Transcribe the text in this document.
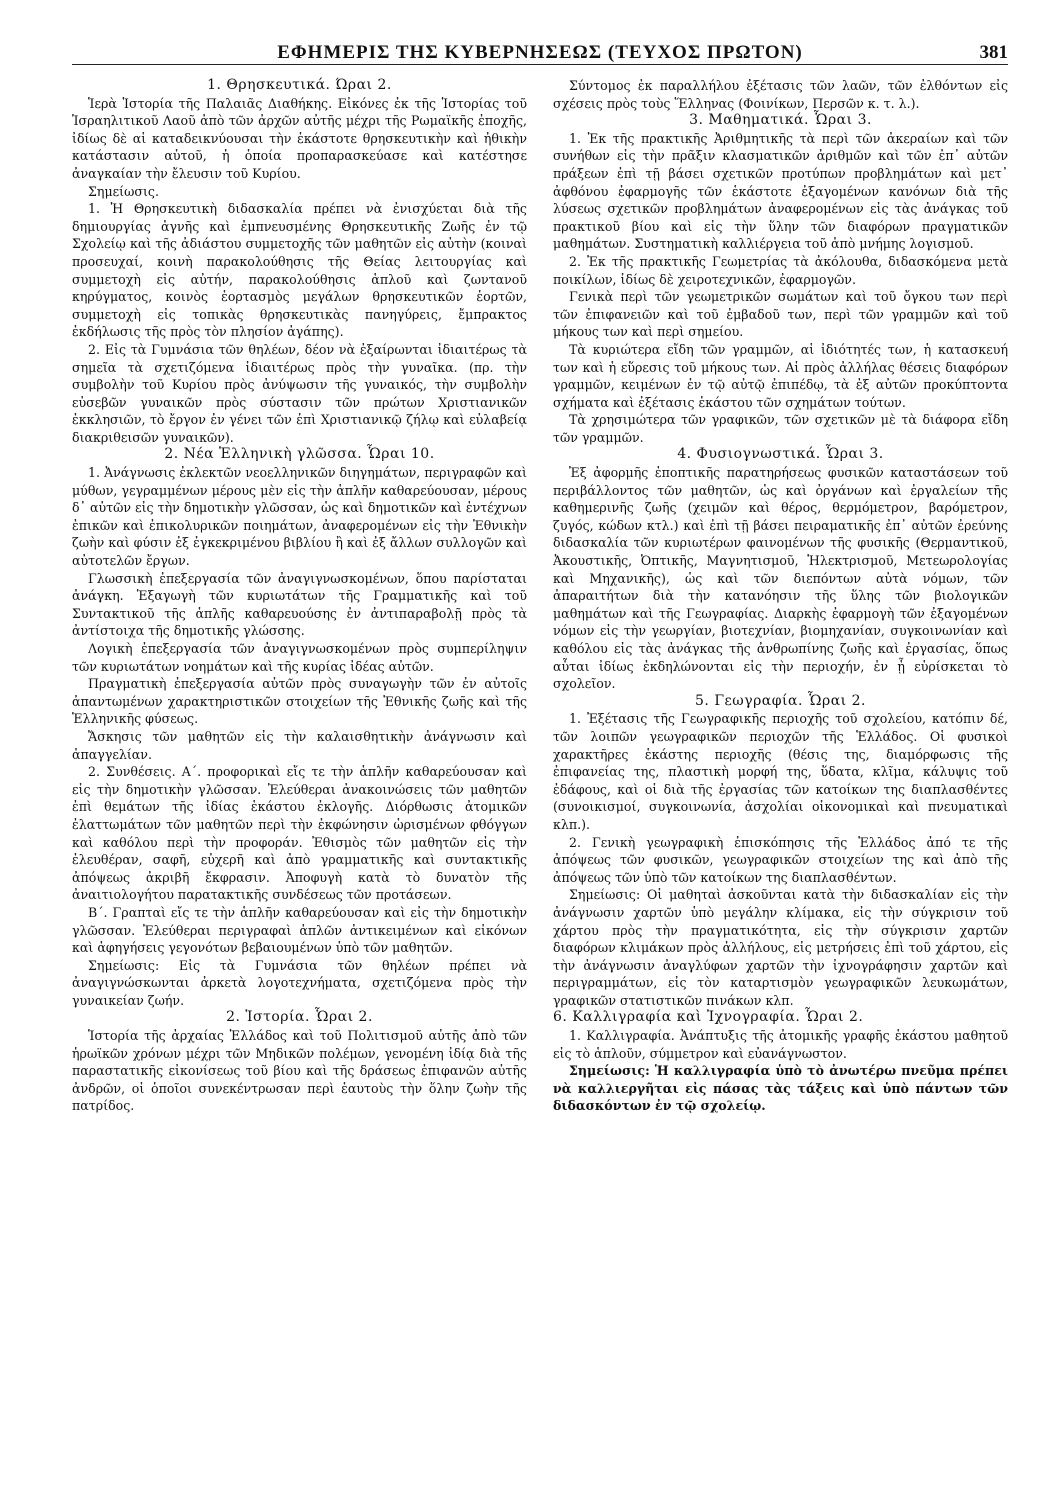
ΕΦΗΜΕΡΙΣ ΤΗΣ ΚΥΒΕΡΝΗΣΕΩΣ (ΤΕΥΧΟΣ ΠΡΩΤΟΝ)	381

1. Θρησκευτικά. Ώραι 2.

Ἱερὰ Ἱστορία τῆς Παλαιᾶς Διαθήκης. Εἰκόνες ἐκ τῆς Ἱστορίας τοῦ Ἰσραηλιτικοῦ Λαοῦ ἀπὸ τῶν ἀρχῶν αὐτῆς μέχρι τῆς Ρωμαϊκῆς ἐποχῆς, ἰδίως δὲ αἱ καταδεικνύουσαι τὴν ἑκάστοτε θρησκευτικὴν καὶ ἠθικὴν κατάστασιν αὐτοῦ, ἡ ὁποία προπαρασκεύασε καὶ κατέστησε ἀναγκαίαν τὴν ἔλευσιν τοῦ Κυρίου.

Σημείωσις.

1. Ἡ Θρησκευτικὴ διδασκαλία πρέπει νὰ ἐνισχύεται διὰ τῆς δημιουργίας ἁγνῆς καὶ ἐμπνευσμένης Θρησκευτικῆς Ζωῆς ἐν τῷ Σχολείῳ καὶ τῆς ἀδιάστου συμμετοχῆς τῶν μαθητῶν εἰς αὐτὴν (κοιναὶ προσευχαί, κοινὴ παρακολούθησις τῆς Θείας λειτουργίας καὶ συμμετοχὴ εἰς αὐτήν, παρακολούθησις ἁπλοῦ καὶ ζωντανοῦ κηρύγματος, κοινὸς ἑορτασμὸς μεγάλων θρησκευτικῶν ἑορτῶν, συμμετοχὴ εἰς τοπικὰς θρησκευτικὰς πανηγύρεις, ἔμπρακτος ἐκδήλωσις τῆς πρὸς τὸν πλησίον ἀγάπης).

2. Εἰς τὰ Γυμνάσια τῶν θηλέων, δέον νὰ ἐξαίρωνται ἰδιαιτέρως τὰ σημεῖα τὰ σχετιζόμενα ἰδιαιτέρως πρὸς τὴν γυναῖκα. (πρ. τὴν συμβολὴν τοῦ Κυρίου πρὸς ἀνύψωσιν τῆς γυναικός, τὴν συμβολὴν εὐσεβῶν γυναικῶν πρὸς σύστασιν τῶν πρώτων Χριστιανικῶν ἐκκλησιῶν, τὸ ἔργον ἐν γένει τῶν ἐπὶ Χριστιανικῷ ζήλῳ καὶ εὐλαβείᾳ διακριθεισῶν γυναικῶν).

2. Νέα Ἑλληνικὴ γλῶσσα. Ὧραι 10.

1. Ἀνάγνωσις ἐκλεκτῶν νεοελληνικῶν διηγημάτων, περιγραφῶν καὶ μύθων, γεγραμμένων μέρους μὲν εἰς τὴν ἁπλῆν καθαρεύουσαν, μέρους δ᾿ αὐτῶν εἰς τὴν δημοτικὴν γλῶσσαν, ὡς καὶ δημοτικῶν καὶ ἐντέχνων ἐπικῶν καὶ ἐπικολυρικῶν ποιημάτων, ἀναφερομένων εἰς τὴν Ἐθνικὴν ζωὴν καὶ φύσιν ἐξ ἐγκεκριμένου βιβλίου ἢ καὶ ἐξ ἄλλων συλλογῶν καὶ αὐτοτελῶν ἔργων.

Γλωσσικὴ ἐπεξεργασία τῶν ἀναγιγνωσκομένων, ὅπου παρίσταται ἀνάγκη. Ἐξαγωγὴ τῶν κυριωτάτων τῆς Γραμματικῆς καὶ τοῦ Συντακτικοῦ τῆς ἁπλῆς καθαρευούσης ἐν ἀντιπαραβολῇ πρὸς τὰ ἀντίστοιχα τῆς δημοτικῆς γλώσσης.

Λογικὴ ἐπεξεργασία τῶν ἀναγιγνωσκομένων πρὸς συμπερίληψιν τῶν κυριωτάτων νοημάτων καὶ τῆς κυρίας ἰδέας αὐτῶν.

Πραγματικὴ ἐπεξεργασία αὐτῶν πρὸς συναγωγὴν τῶν ἐν αὐτοῖς ἀπαντωμένων χαρακτηριστικῶν στοιχείων τῆς Ἐθνικῆς ζωῆς καὶ τῆς Ἑλληνικῆς φύσεως.

Ἄσκησις τῶν μαθητῶν εἰς τὴν καλαισθητικὴν ἀνάγνωσιν καὶ ἀπαγγελίαν.

2. Συνθέσεις. Α΄. προφορικαὶ εἴς τε τὴν ἁπλῆν καθαρεύουσαν καὶ εἰς τὴν δημοτικὴν γλῶσσαν. Ἐλεύθεραι ἀνακοινώσεις τῶν μαθητῶν ἐπὶ θεμάτων τῆς ἰδίας ἑκάστου ἐκλογῆς. Διόρθωσις ἀτομικῶν ἐλαττωμάτων τῶν μαθητῶν περὶ τὴν ἐκφώνησιν ὡρισμένων φθόγγων καὶ καθόλου περὶ τὴν προφοράν. Ἐθισμὸς τῶν μαθητῶν εἰς τὴν ἐλευθέραν, σαφῆ, εὐχερῆ καὶ ἀπὸ γραμματικῆς καὶ συντακτικῆς ἀπόψεως ἀκριβῆ ἔκφρασιν. Ἀποφυγὴ κατὰ τὸ δυνατὸν τῆς ἀναιτιολογήτου παρατακτικῆς συνδέσεως τῶν προτάσεων.

Β΄. Γραπταὶ εἴς τε τὴν ἁπλῆν καθαρεύουσαν καὶ εἰς τὴν δημοτικὴν γλῶσσαν. Ἐλεύθεραι περιγραφαὶ ἁπλῶν ἀντικειμένων καὶ εἰκόνων καὶ ἀφηγήσεις γεγονότων βεβαιουμένων ὑπὸ τῶν μαθητῶν.

Σημείωσις: Εἰς τὰ Γυμνάσια τῶν θηλέων πρέπει νὰ ἀναγιγνώσκωνται ἀρκετὰ λογοτεχνήματα, σχετιζόμενα πρὸς τὴν γυναικείαν ζωήν.

2. Ἱστορία. Ὧραι 2.

Ἱστορία τῆς ἀρχαίας Ἑλλάδος καὶ τοῦ Πολιτισμοῦ αὐτῆς ἀπὸ τῶν ἡρωϊκῶν χρόνων μέχρι τῶν Μηδικῶν πολέμων, γενομένη ἰδίᾳ διὰ τῆς παραστατικῆς εἰκονίσεως τοῦ βίου καὶ τῆς δράσεως ἐπιφανῶν αὐτῆς ἀνδρῶν, οἱ ὁποῖοι συνεκέντρωσαν περὶ ἑαυτοὺς τὴν ὅλην ζωὴν τῆς πατρίδος.

Σύντομος ἐκ παραλλήλου ἐξέτασις τῶν λαῶν, τῶν ἐλθόντων εἰς σχέσεις πρὸς τοὺς Ἕλληνας (Φοινίκων, Περσῶν κ. τ. λ.).

3. Μαθηματικά. Ὧραι 3.

1. Ἐκ τῆς πρακτικῆς Ἀριθμητικῆς τὰ περὶ τῶν ἀκεραίων καὶ τῶν συνήθων εἰς τὴν πρᾶξιν κλασματικῶν ἀριθμῶν καὶ τῶν ἐπ᾿ αὐτῶν πράξεων ἐπὶ τῇ βάσει σχετικῶν προτύπων προβλημάτων καὶ μετ᾿ ἀφθόνου ἐφαρμογῆς τῶν ἑκάστοτε ἐξαγομένων κανόνων διὰ τῆς λύσεως σχετικῶν προβλημάτων ἀναφερομένων εἰς τὰς ἀνάγκας τοῦ πρακτικοῦ βίου καὶ εἰς τὴν ὕλην τῶν διαφόρων πραγματικῶν μαθημάτων. Συστηματικὴ καλλιέργεια τοῦ ἀπὸ μνήμης λογισμοῦ.

2. Ἐκ τῆς πρακτικῆς Γεωμετρίας τὰ ἀκόλουθα, διδασκόμενα μετὰ ποικίλων, ἰδίως δὲ χειροτεχνικῶν, ἐφαρμογῶν.

Γενικὰ περὶ τῶν γεωμετρικῶν σωμάτων καὶ τοῦ ὄγκου των περὶ τῶν ἐπιφανειῶν καὶ τοῦ ἐμβαδοῦ των, περὶ τῶν γραμμῶν καὶ τοῦ μήκους των καὶ περὶ σημείου.

Τὰ κυριώτερα εἴδη τῶν γραμμῶν, αἱ ἰδιότητές των, ἡ κατασκευή των καὶ ἡ εὕρεσις τοῦ μήκους των. Αἱ πρὸς ἀλλήλας θέσεις διαφόρων γραμμῶν, κειμένων ἐν τῷ αὐτῷ ἐπιπέδῳ, τὰ ἐξ αὐτῶν προκύπτοντα σχήματα καὶ ἐξέτασις ἑκάστου τῶν σχημάτων τούτων.

Τὰ χρησιμώτερα τῶν γραφικῶν, τῶν σχετικῶν μὲ τὰ διάφορα εἴδη τῶν γραμμῶν.

4. Φυσιογνωστικά. Ὧραι 3.

Ἐξ ἀφορμῆς ἐποπτικῆς παρατηρήσεως φυσικῶν καταστάσεων τοῦ περιβάλλοντος τῶν μαθητῶν, ὡς καὶ ὀργάνων καὶ ἐργαλείων τῆς καθημερινῆς ζωῆς (χειμῶν καὶ θέρος, θερμόμετρον, βαρόμετρον, ζυγός, κώδων κτλ.) καὶ ἐπὶ τῇ βάσει πειραματικῆς ἐπ᾿ αὐτῶν ἐρεύνης διδασκαλία τῶν κυριωτέρων φαινομένων τῆς φυσικῆς (Θερμαντικοῦ, Ἀκουστικῆς, Ὀπτικῆς, Μαγνητισμοῦ, Ἠλεκτρισμοῦ, Μετεωρολογίας καὶ Μηχανικῆς), ὡς καὶ τῶν διεπόντων αὐτὰ νόμων, τῶν ἀπαραιτήτων διὰ τὴν κατανόησιν τῆς ὕλης τῶν βιολογικῶν μαθημάτων καὶ τῆς Γεωγραφίας. Διαρκὴς ἐφαρμογὴ τῶν ἐξαγομένων νόμων εἰς τὴν γεωργίαν, βιοτεχνίαν, βιομηχανίαν, συγκοινωνίαν καὶ καθόλου εἰς τὰς ἀνάγκας τῆς ἀνθρωπίνης ζωῆς καὶ ἐργασίας, ὅπως αὗται ἰδίως ἐκδηλώνονται εἰς τὴν περιοχήν, ἐν ᾗ εὑρίσκεται τὸ σχολεῖον.

5. Γεωγραφία. Ὧραι 2.

1. Ἐξέτασις τῆς Γεωγραφικῆς περιοχῆς τοῦ σχολείου, κατόπιν δέ, τῶν λοιπῶν γεωγραφικῶν περιοχῶν τῆς Ἑλλάδος. Οἱ φυσικοὶ χαρακτῆρες ἑκάστης περιοχῆς (θέσις της, διαμόρφωσις τῆς ἐπιφανείας της, πλαστικὴ μορφή της, ὕδατα, κλῖμα, κάλυψις τοῦ ἐδάφους, καὶ οἱ διὰ τῆς ἐργασίας τῶν κατοίκων της διαπλασθέντες (συνοικισμοί, συγκοινωνία, ἀσχολίαι οἰκονομικαὶ καὶ πνευματικαὶ κλπ.).

2. Γενικὴ γεωγραφικὴ ἐπισκόπησις τῆς Ἑλλάδος ἀπό τε τῆς ἀπόψεως τῶν φυσικῶν, γεωγραφικῶν στοιχείων της καὶ ἀπὸ τῆς ἀπόψεως τῶν ὑπὸ τῶν κατοίκων της διαπλασθέντων.

Σημείωσις: Οἱ μαθηταὶ ἀσκοῦνται κατὰ τὴν διδασκαλίαν εἰς τὴν ἀνάγνωσιν χαρτῶν ὑπὸ μεγάλην κλίμακα, εἰς τὴν σύγκρισιν τοῦ χάρτου πρὸς τὴν πραγματικότητα, εἰς τὴν σύγκρισιν χαρτῶν διαφόρων κλιμάκων πρὸς ἀλλήλους, εἰς μετρήσεις ἐπὶ τοῦ χάρτου, εἰς τὴν ἀνάγνωσιν ἀναγλύφων χαρτῶν τὴν ἰχνογράφησιν χαρτῶν καὶ περιγραμμάτων, εἰς τὸν καταρτισμὸν γεωγραφικῶν λευκωμάτων, γραφικῶν στατιστικῶν πινάκων κλπ.

6. Καλλιγραφία καὶ Ἰχνογραφία. Ὧραι 2.

1. Καλλιγραφία. Ἀνάπτυξις τῆς ἀτομικῆς γραφῆς ἑκάστου μαθητοῦ εἰς τὸ ἁπλοῦν, σύμμετρον καὶ εὐανάγνωστον.

Σημείωσις: Ἡ καλλιγραφία ὑπὸ τὸ ἀνωτέρω πνεῦμα πρέπει νὰ καλλιεργῆται εἰς πάσας τὰς τάξεις καὶ ὑπὸ πάντων τῶν διδασκόντων ἐν τῷ σχολείῳ.
